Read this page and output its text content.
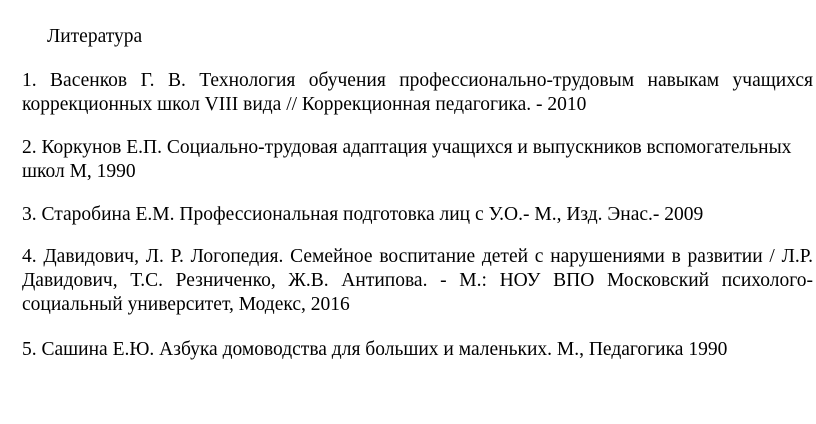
Литература
1. Васенков Г. В. Технология обучения профессионально-трудовым навыкам учащихся
коррекционных школ VIII вида // Коррекционная педагогика. - 2010
2. Коркунов Е.П. Социально-трудовая адаптация учащихся и выпускников вспомогательных
школ М, 1990
3. Старобина Е.М. Профессиональная подготовка лиц с У.О.- М., Изд. Энас.- 2009
4. Давидович, Л. Р. Логопедия. Семейное воспитание детей с нарушениями в развитии / Л.Р.
Давидович, Т.С. Резниченко, Ж.В. Антипова. - М.: НОУ ВПО Московский психолого-
социальный университет, Модекс, 2016
5. Сашина Е.Ю. Азбука домоводства для больших и маленьких. М., Педагогика 1990
